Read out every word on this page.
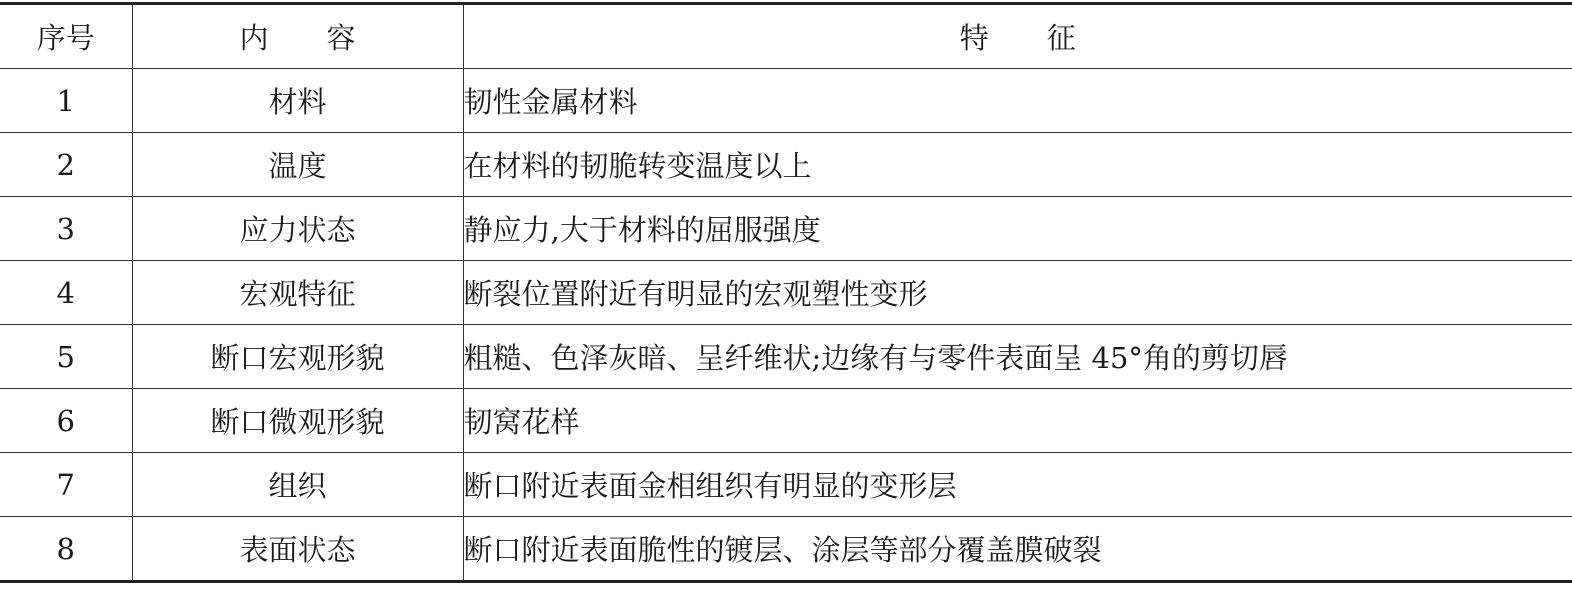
序号	内 容	特 征
1	材料	韧性金属材料
2	温度	在材料的韧脆转变温度以上
3	应力状态	静应力,大于材料的屈服强度
4	宏观特征	断裂位置附近有明显的宏观塑性变形
5	断口宏观形貌	粗糙、色泽灰暗、呈纤维状;边缘有与零件表面呈 45°角的剪切唇
6	断口微观形貌	韧窝花样
7	组织	断口附近表面金相组织有明显的变形层
8	表面状态	断口附近表面脆性的镀层、涂层等部分覆盖膜破裂
